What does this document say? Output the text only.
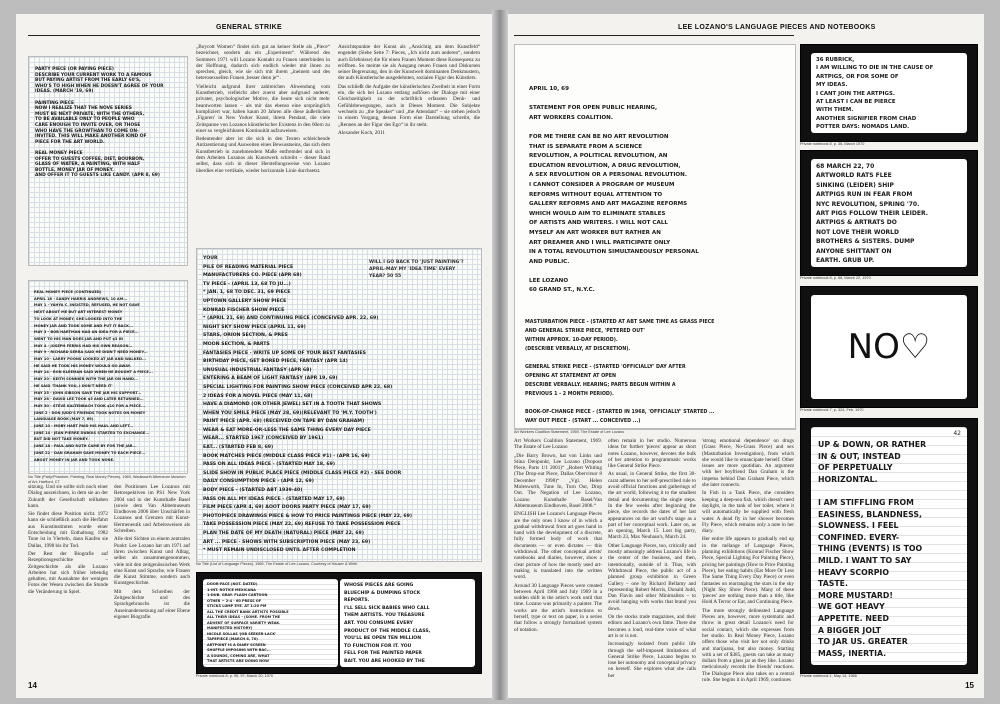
GENERAL STRIKE
PARTY PIECE (OR PAYING PIECE)
DESCRIBE YOUR CURRENT WORK TO A FAMOUS
BUT PAYING ARTIST FROM THE EARLY 60'S,
WHO'S TO HIGH WHEN HE DOESN'T AGREE OF YOUR
IDEAS. (MARCH '19, 69)

PAINTING PIECE
NOW I REALIZE THAT THE NOVE SERIES
MUST BE NEXT PRIVATE, WITH THE OTHERS,
TO BE AVAILABLE ONLY TO PEOPLE WHO
CARE ENOUGH TO INVITE OVER, OR THOSE
WHO HAVE THE GROWTHAN TO COME ON-
INVITED. THIS WILL MAKE ANOTHER KIND OF
PIECE FOR THE ART WORLD.

REAL MONEY PIECE
OFFER TO GUESTS COFFEE, DIET, BOURBON,
GLASS OF WATER, A PAINTING, WITH HALF
BOTTLE, MONEY JAR OF MONEY.
AND OFFER IT TO GUESTS LIKE CANDY. (APR 8, 69)
REAL MONEY PIECE (CONTINUED)
APRIL 18 - SANDY HARRIS ANDREWS, 10 AM...
MAY 1 - YAHYA C. INSISTED, REFUSED, HE NOT GAVE
NEXT ABOUT ME BUT ART INTEREST MONEY
TO LOOK AT MONEY, SHE LOOKED INTO THE
MONEY JAR AND TOOK SOME AND PUT IT BACK...
MAY 3 - BOB HARTMAN HAD AN IDEA FOR A PIECE...
WENT TO HIS MAN DOES JAR AND PUT $3 IN
MAY 4 - JOSEPH FERRIS HAD HIS OWN REASON...
MAY 9 - RICHARD SERRA SAID HE DIDN'T NEED MONEY...
MAY 10 - LARRY POONS LOOKED AT JAR AND WALKED...
HE SAID HE TOOK HIS MONEY WOULD GO AWAY.
MAY 14 - RON KLEEMAN SAID WHEN HE BOUGHT A PIECE...
MAY 20 - KEITH SONNIER WITH THE JAR ON HAND...
HE SAID 'THANK YOU, I DON'T NEED IT'
MAY 25 - JOHN GIBSON GAVE THE JAR HIS SUPPORT...
MAY 28 - DAVID LEE TOOK $5 AND LATER RETURNED...
MAY 30 - STEVE KALTENBACH TOOK $10 FOR A PIECE...
JUNE 2 - DON JUDD'S FRIENDS TOOK NOTES ON MONEY
LANGUAGE BOOK (MAY 7, 69)
JUNE 10 - MOBY HART PAID HIS HAUL AND LEFT...
JUNE 14 - JEAN PIERRE DUBOIS STARTED TO EXCHANGE...
BUT DID NOT TAKE MONEY.
JUNE 18 - PAUL AND RUTH CAME BY FOR THE JAR...
JUNE 22 - DAN GRAHAM GAVE MONEY TO EACH PIECE...
ABOUT MONEY IN JAR AND TOOK NONE.
No Title (Party/Phantom, Painting, Real Money Pieces), 1969, Wadsworth Atheneum Museum of Art, Hartford, CT

„Boycott Women“ findet sich gut an keiner Stelle als „Piece“ bezeichnet, sondern als ein „Experiment“. Während des Sommers 1971 will Lozano Kontakt zu Frauen unterbinden in der Hoffnung, dadurch sich endlich wieder mit ihnen zu sprechen, gleich, wie sie sich mit ihrem „ineinem und des heterosexuellen Frauen ,besser denn je'“.

Vielleicht aufgrund ihrer zahlreichen Abwendung vom Kunstbetrieb, vielleicht aber zuerst aber aufgrund anderer, privater, psychologischer Motive, die heute sich nicht mehr beantworten lassen – als mir das ebenso eine ursprünglich kompliziert war, haben kaum 20 Jahren alle diese äußerlichen ‚Figuren' in New Yorker Kunst, ihrem Pendant, die viele Zeitspanne von Lozanos künstlerischer Existenz in den 60ern zu einer so vergleichbaren Kontinuität aufzuweisen.

Bedeutender aber ist die sich in den Texten schleichende Antizentierung und Ausweiten eines Bewusstseins, das sich dem Kunstbetrieb in zunehmendem Maße entfremdet und sich in dem Arbeiten Lozanos als Kunstwerk schreibt – dieser Rand selbst, dass sich in dieser Herstellungsweise von Lozano überdies eine vertikale, wieder horizontale Linie durchsetzt.

Ansichtspunkte der Kunst als „Ansichtig am dem Kunstfeld“ engendet (Siehe Seite 7: Pieces, „Ich nicht zum anderen“, sondern auch Erlebnisse) die für einen Frauen Moment diese Konsequenz zu eröffnen. So meinte sie als Ausgang neuen Frauen und Diskursen seiner Begrenzung, den in der Kunstwelt dominanten Denkmustern, der aufs Künstlerische ausgedehnten, sozialen Figur des Künstlers.

Das schließt die Aufgabe der künstlerischen Zweiheit in einer Form ein, die sich bei Lozano entlang auflösen der Dialoge mit einer Gleichzeitigkeit zu der schriftlich erfassten Denk- und Gefühlsbewegungen, auch in Dieses Moment. Die Subjekte wechseln zu „the Speaker“ und „the Attendant“ – sie stehen jedoch in einem Vorgang, dessen Form eine Darstellung schreibt, die „Rennen an der Figur des Ego“ in ihr steht.

Alexander Koch, 2011

YOUR
PILE OF READING MATERIAL PIECE
MANUFACTURERS CO. PIECE (APR 68)
TV PIECE - (APRIL 13, 68 TO JU...)
* JAN. 1, 68 TO DEC. 31, 69 PIECE
UPTOWN GALLERY SHOW PIECE
KONRAD FISCHER SHOW PIECE
* (APRIL 21, 69) AND CONTINUING PIECE (CONCEIVED APR. 22, 69)
NIGHT SKY SHOW PIECE (APRIL 11, 69)
STARS, ORION SECTION, & PRES
MOON SECTION, & PARTS
FANTASIES PIECE - WRITE UP SOME OF YOUR BEST FANTASIES
BIRTHDAY PIECE, GET BORED PIECE, FANTASY (APR 14)
UNUSUAL INDUSTRIAL FANTASY (APR 68)
ENTERING A BEAM OF LIGHT FANTASY (APR 19, 69)
SPECIAL LIGHTING FOR PAINTING SHOW PIECE (CONCEIVED APR 22, 68)
2 IDEAS FOR A NOVEL PIECE (MAY 11, 68)
HAVE A DIAMOND (OR OTHER JEWEL) SET IN A TOOTH THAT SHOWS
WHEN YOU SMILE PIECE (MAY 28, 69)(RELEVANT TO 'M.Y. TOOTH')
PAINT PIECE (APR. 68) (RECEIVED ON TAPE BY DAN GRAHAM)
WEAR & EAT MORE-OR-LESS THE SAME THING EVERY DAY PIECE
WEAR... STARTED 1967 (CONCEIVED BY 1961)
EAT... (STARTED FEB 8, 69)
BOOK MATCHES PIECE (MIDDLE CLASS PIECE #1) - (APR 16, 69)
PASS ON ALL IDEAS PIECE - (STARTED MAY 18, 69)
SLIDE SHOW IN PUBLIC PLACE PIECE (MIDDLE CLASS PIECE #2) - SEE DOOR
DAILY CONSUMPTION PIECE - (APR 12, 69)
BODY PIECE - (STARTED ABT 1939-40)
PASS ON ALL MY IDEAS PIECE - (STARTED MAY 17, 69)
FILM PIECE (APR 4, 69) AOOT DOORS PARTY PIECE (MAY 17, 69)
PHOTOPIECE DRAWINGS PIECE & HOW TO PRICE PAINTINGS PIECE (MAY 22, 69)
TAKE POSSESSION PIECE (MAY 22, 69) REFUSE TO TAKE POSSESSION PIECE
PLAN THE DATE OF MY DEATH (NATURAL) PIECE (MAY 22, 69)
ART ... PIECE - SHOWS WITH SUBSCRIPTION PIECE (MAY 23, 69)
* MUST REMAIN UNDISCLOSED UNTIL AFTER COMPLETION
WILL I GO BACK TO 'JUST PAINTING'?
APRIL-MAY MY 'IDEA TIME' EVERY
YEAR? 50 55
No Title (List of Language Pieces), 1969, The Estate of Lee Lozano. Courtesy of Hauser & Wirth

sitzung. Und sie sollte sich noch einer Dialog auszeichnen, in dem sie an der Zukunft der Gesellschaft teilhaben kann.

Sie findet diese Position nicht. 1972 kann sie schließlich auch die Herfahrt aus Kunstinstituten wurde einer Entscheidung mit Enthaltung 1982 Tone ist in Vierteln, dann Kaufen sie Dallas, 1998 bis ihr Tod.

Der Rest der Biografie auf Rezeptionsgeschichte – Zeitgeschichte als alle Lozano Arbeiten hat sich früher lebendig gehalten, mit Ausnahme der wenigen Fotos der Wesen zwischen die Stunde die Veränderung in Spiel.

den Positionen Lee Lozanos mit Retrospektiven im PS1 New York 2004 und in der Kunsthalle Basel (sowie dem Van Abbemuseum Eindhoven 2006 über Unschärfen in Lozanos und Grenzen mit Kunst-Hermeneutik und Arbeitsweisen als Schreiben.

Alle drei Sichten zu einem zentralen Punkt: Lee Lozano hat um 1971 auf ihren zwischen Kunst und Alltag, selbst als zusammengenommen, viele mit den zeitgenössischen Werk eine Kunst und Sprache, wie Frauen die Kunst Stimme, sondern auch Kunstgeschichte.

Mit dem Schreiben der Zeitgeschichte und des Sprachgebrauchs ist die Auseinandersetzung auf einer Ebene eigener Biografie.

DOOR-FACE (NOT. DATED)
1-INT. ROTICE MEXICANA
1-DUB. GRAY. FLASH CARTOON
OTHER ~ 2-4 - 60 PRESS OF
STICKS LUMP EYE. AT 1:20 PM
ALL THE CREDIT BANK ARTISTS POSSIBLE
ALL THEIR IDEAS - (SOME. FROM THE
ADVENT OF SURFACE VARIETY WEAK.
MANIFESTED HISTORY)
NICOLE SOLLAS 'JOB SEEKER-LACK'
TAPEPIECE (MARCH 6, 70)
ARTPOINT IS A DIARY SCREEN
SHUFFLE IMPOSING WITH BAC...
A SOUNDS, COMING ARE, WHAT
THAT ARTISTS ARE DOING NOW
WHOSE PIECES ARE GOING
BLUECHIP & DUMPING STOCK
REPORTS.
I'LL SELL SICK BABIES WHO CALL
THEM ARTISTS. YOU TREASURE
ART. YOU CONSUME EVERY
PRODUCT OF THE MIDDLE CLASS,
YOU'LL BE OPEN TEN MILLION
TO FUNCTION FOR IT. YOU
FELL FOR THE PAINTED PAPER
BAIT. YOU ARE HOOKED BY THE
Private notebook 8, p. 96, 97, March 20, 1970
14
LEE LOZANO'S LANGUAGE PIECES AND NOTEBOOKS
APRIL 10, 69

STATEMENT FOR OPEN PUBLIC HEARING,
ART WORKERS COALITION.

FOR ME THERE CAN BE NO ART REVOLUTION
THAT IS SEPARATE FROM A SCIENCE
REVOLUTION, A POLITICAL REVOLUTION, AN
EDUCATION REVOLUTION, A DRUG REVOLUTION,
A SEX REVOLUTION OR A PERSONAL REVOLUTION.
I CANNOT CONSIDER A PROGRAM OF MUSEUM
REFORMS WITHOUT EQUAL ATTENTION TO
GALLERY REFORMS AND ART MAGAZINE REFORMS
WHICH WOULD AIM TO ELIMINATE STABLES
OF ARTISTS AND WRITERS. I WILL NOT CALL
MYSELF AN ART WORKER BUT RATHER AN
ART DREAMER AND I WILL PARTICIPATE ONLY
IN A TOTAL REVOLUTION SIMULTANEOUSLY PERSONAL
AND PUBLIC.

LEE LOZANO
60 GRAND ST., N.Y.C.
Art Workers Coalition Statement, 1969. The Estate of Lee Lozano
MASTURBATION PIECE - (STARTED AT ABT SAME TIME AS GRASS PIECE
AND GENERAL STRIKE PIECE, 'PETERED OUT'
WITHIN APPROX. 10-DAY PERIOD).
(DESCRIBE VERBALLY, AT DISCRETION).

GENERAL STRIKE PIECE - (STARTED 'OFFICIALLY' DAY AFTER
OPENING AT STATEMENT AT OPEN
DESCRIBE VERBALLY. HEARING; PARTS BEGUN WITHIN A
PREVIOUS 1 - 2 MONTH PERIOD).

BOOK-OF-CHANGE PIECE - (STARTED IN 1968, 'OFFICIALLY' STARTED ...
WAY OUT PIECE - (START ... CONCEIVED ...)

Art Workers Coalition Statement, 1969. The Estate of Lee Lozano

„Die Barry Brown, hat von Links und Stina Dreipunkt, Lee Lozano (Dropout Piece, Parts 1/1 2001)“ „Robert Whiting (The Drop-out Piece, Dallas Obervirsor 8 December 1998)“ „Vgl. Helen Molesworth, Tune In, Turn Out, Drop Out. The Negation of Lee Lozano, Lozano Kunsthalle Basel/Van Abbemuseum Eindhoven, Basel 2006.“

ENGLISH Lee Lozano's Language Pieces are the only ones I know of in which a gradual withdrawal from art goes hand in hand with the development of a discrete, fully formed body of work that documents — or even dictates — this withdrawal. The other conceptual artists' notebooks and diaries, however, show a clear picture of how the mostly used art-making is translated into the written word.

Around 30 Language Pieces were created between April 1968 and July 1969 in a sudden shift in the artist's work until that time. Lozano was primarily a painter. The works are the artist's instructions to herself, type or text on paper, in a series that follow a strongly formalized system of notation.

often remain in her studio. Numerous ideas for further 'pieces' appear as short notes Lozano, however, devotes the bulk of her attention to programmatic works like General Strike Piece.

As usual, in General Strike, the first 30-carat adheres to her self-prescribed rule to avoid official functions and gatherings of the art world, following it to the smallest detail and documenting the single steps. In the few weeks after beginning the piece, she records the dates of her last appearances on the art world's stage as a part of her conceptual work. Later on, as an opening, March 15. Lost big party, March 23, Max Neuhaus's, March 24.

Other Language Pieces, too, critically and mostly amusingly address Lozano's life in the center of the business, and then, intentionally, outside of it. Thus, with Withdrawal Piece, the public act of a planned group exhibition in Green Gallery – one by Richard Bellamy and representing Robert Morris, Donald Judd, Dan Flavin and other Minimalists – to avoid hanging with works that brand you down.

On the stocks trade magazines, and their editors and Lozano's own fame. There she becomes a loud, real-time voice of what art is or is not.

Increasingly isolated from public life through the self-imposed limitations of General Strike Piece, Lozano begins to lose her autonomy and conceptual privacy on herself. She explores what she calls her

'strong emotional dependence' on drugs (Grass Piece, No-Grass Piece) and sex (Masturbation Investigation), from which she would like to emancipate herself. Other issues are more quotidian. An argument with her boyfriend Dan Graham is the impetus behind Dan Graham Piece, which she later connects.

In Fish in a Tank Piece, she considers keeping a deep-sea fish, which doesn't need daylight, in the tank of her toilet, where it will automatically be supplied with fresh water. A dead fly in her shower becomes Fly Piece, which remains only a note in her diary.

Her entire life appears to gradually end up in the mélange of Language Pieces, planning exhibitions (Konrad Fischer Show Piece, Special Lighting For Painting Piece), pricing her paintings (How to Price Painting Piece), her eating habits (Eat More Or Less The Same Thing Every Day Piece) or even fantasies on rearranging the stars in the sky (Night Sky Show Piece). Many of these 'pieces' are nothing more than a title, like Hold A Terror or Eat, and Continuing Piece.

The more strongly delineated Language Pieces are, however, more systematic and throw in great detail Lozano's need for social contact, which she expresses from her studio. In Real Money Piece, Lozano offers those who visit her not only drinks and marijuana, but also money. Starting with a set of $385, guests can take as many dollars from a glass jar as they like. Lozano meticulously records the friends' reactions. The Dialogue Piece also takes on a central role. She begins it in April 1969, continues

36 RUBRICK,
I AM WILLING TO DIE IN THE CAUSE OF
ARTPIGS, OR FOR SOME OF
MY IDEAS.
I CANT JOIN THE ARTPIGS.
AT LEAST I CAN BE PIERCE
WITH THEM.
ANOTHER SIGNIFIER FROM CHAD
POTTER DAYS: NOMADS LAND.
Private notebook 8, p. 36, March 1970
68 MARCH 22, 70
ARTWORLD RATS FLEE
SINKING (LEIDER) SHIP
ARTPIGS RUN IN FEAR FROM
NYC REVOLUTION, SPRING '70.
ART PIGS FOLLOW THEIR LEIDER.
ARTPIGS & ARTRATS DO
NOT LOVE THEIR WORLD
BROTHERS & SISTERS. DUMP
ANYONE SHITTANT ON
EARTH. GRUB UP.
Private notebook 8, p. 68, March 22, 1970
NO♡
Private notebook 7, p. 324, Feb. 1970
42
UP & DOWN, OR RATHER
IN & OUT, INSTEAD
OF PERPETUALLY
HORIZONTAL.

I AM STIFFLING FROM
EASINESS, BLANDNESS,
SLOWNESS. I FEEL
CONFINED. EVERY-
THING (EVENTS) IS TOO
MILD. I WANT TO SAY
HEAVY SCORPIO
TASTE.
MORE MUSTARD!
WE GOT HEAVY
APPETITE. NEED
A BIGGER JOLT
TO JAR US. GREATER
MASS, INERTIA.
Private notebook 1, May 14, 1968
15
